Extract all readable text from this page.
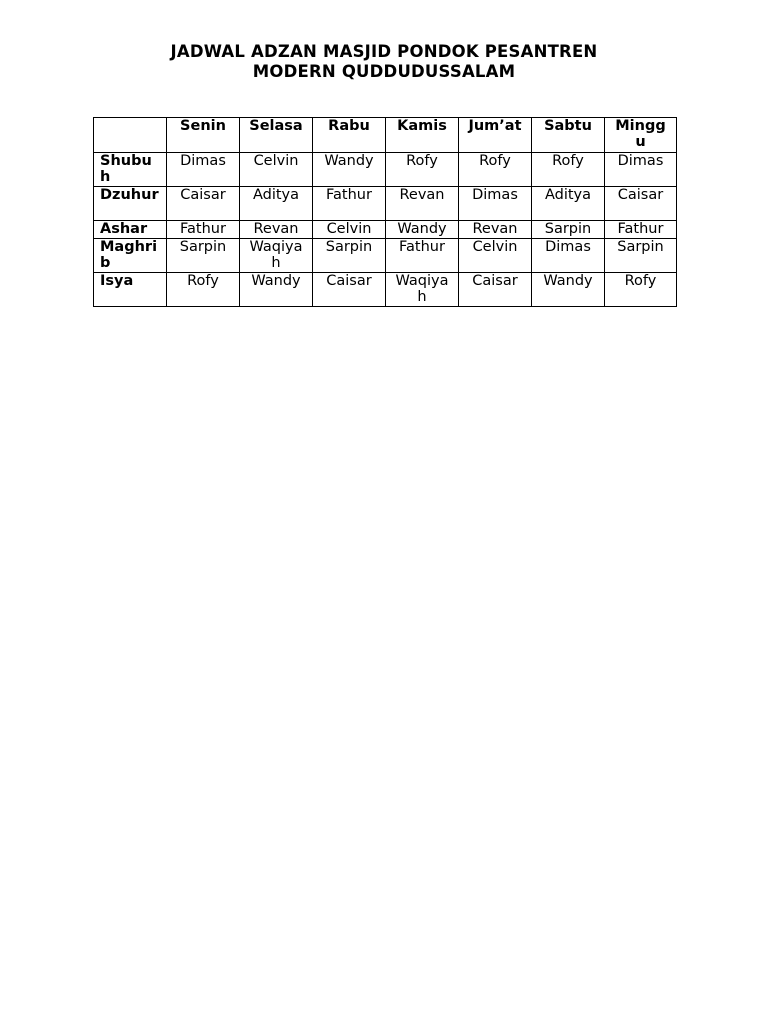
JADWAL ADZAN MASJID PONDOK PESANTREN
MODERN QUDDUDUSSALAM
	Senin	Selasa	Rabu	Kamis	Jum’at	Sabtu	Minggu
Shubuh	Dimas	Celvin	Wandy	Rofy	Rofy	Rofy	Dimas
Dzuhur	Caisar	Aditya	Fathur	Revan	Dimas	Aditya	Caisar
Ashar	Fathur	Revan	Celvin	Wandy	Revan	Sarpin	Fathur
Maghrib	Sarpin	Waqiyah	Sarpin	Fathur	Celvin	Dimas	Sarpin
Isya	Rofy	Wandy	Caisar	Waqiyah	Caisar	Wandy	Rofy
